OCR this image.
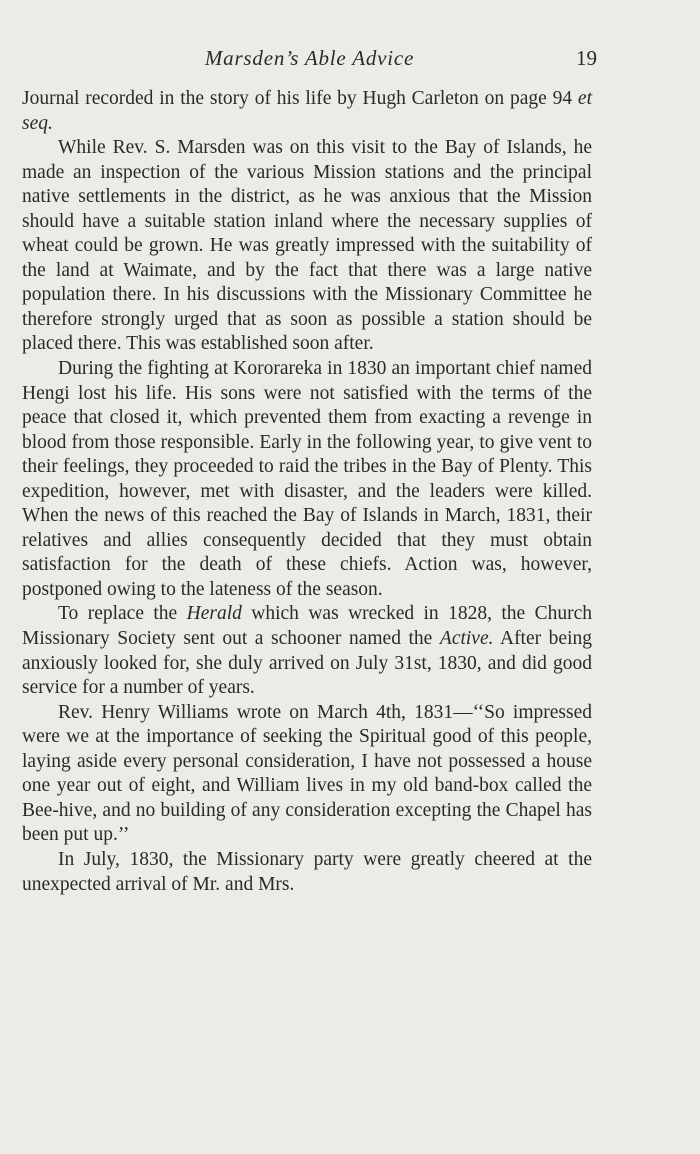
Marsden’s Able Advice	19

Journal recorded in the story of his life by Hugh Carleton on page 94 et seq.

While Rev. S. Marsden was on this visit to the Bay of Islands, he made an inspection of the various Mission stations and the principal native settlements in the district, as he was anxious that the Mission should have a suitable station inland where the necessary supplies of wheat could be grown. He was greatly impressed with the suitability of the land at Waimate, and by the fact that there was a large native population there. In his discussions with the Missionary Committee he therefore strongly urged that as soon as possible a station should be placed there. This was established soon after.

During the fighting at Kororareka in 1830 an important chief named Hengi lost his life. His sons were not satisfied with the terms of the peace that closed it, which prevented them from exacting a revenge in blood from those responsible. Early in the following year, to give vent to their feelings, they proceeded to raid the tribes in the Bay of Plenty. This expedition, however, met with disaster, and the leaders were killed. When the news of this reached the Bay of Islands in March, 1831, their relatives and allies consequently decided that they must obtain satisfaction for the death of these chiefs. Action was, however, postponed owing to the lateness of the season.

To replace the Herald which was wrecked in 1828, the Church Missionary Society sent out a schooner named the Active. After being anxiously looked for, she duly arrived on July 31st, 1830, and did good service for a number of years.

Rev. Henry Williams wrote on March 4th, 1831—‘‘So impressed were we at the importance of seeking the Spiritual good of this people, laying aside every personal consideration, I have not possessed a house one year out of eight, and William lives in my old band-box called the Bee-hive, and no building of any consideration excepting the Chapel has been put up.’’

In July, 1830, the Missionary party were greatly cheered at the unexpected arrival of Mr. and Mrs.
